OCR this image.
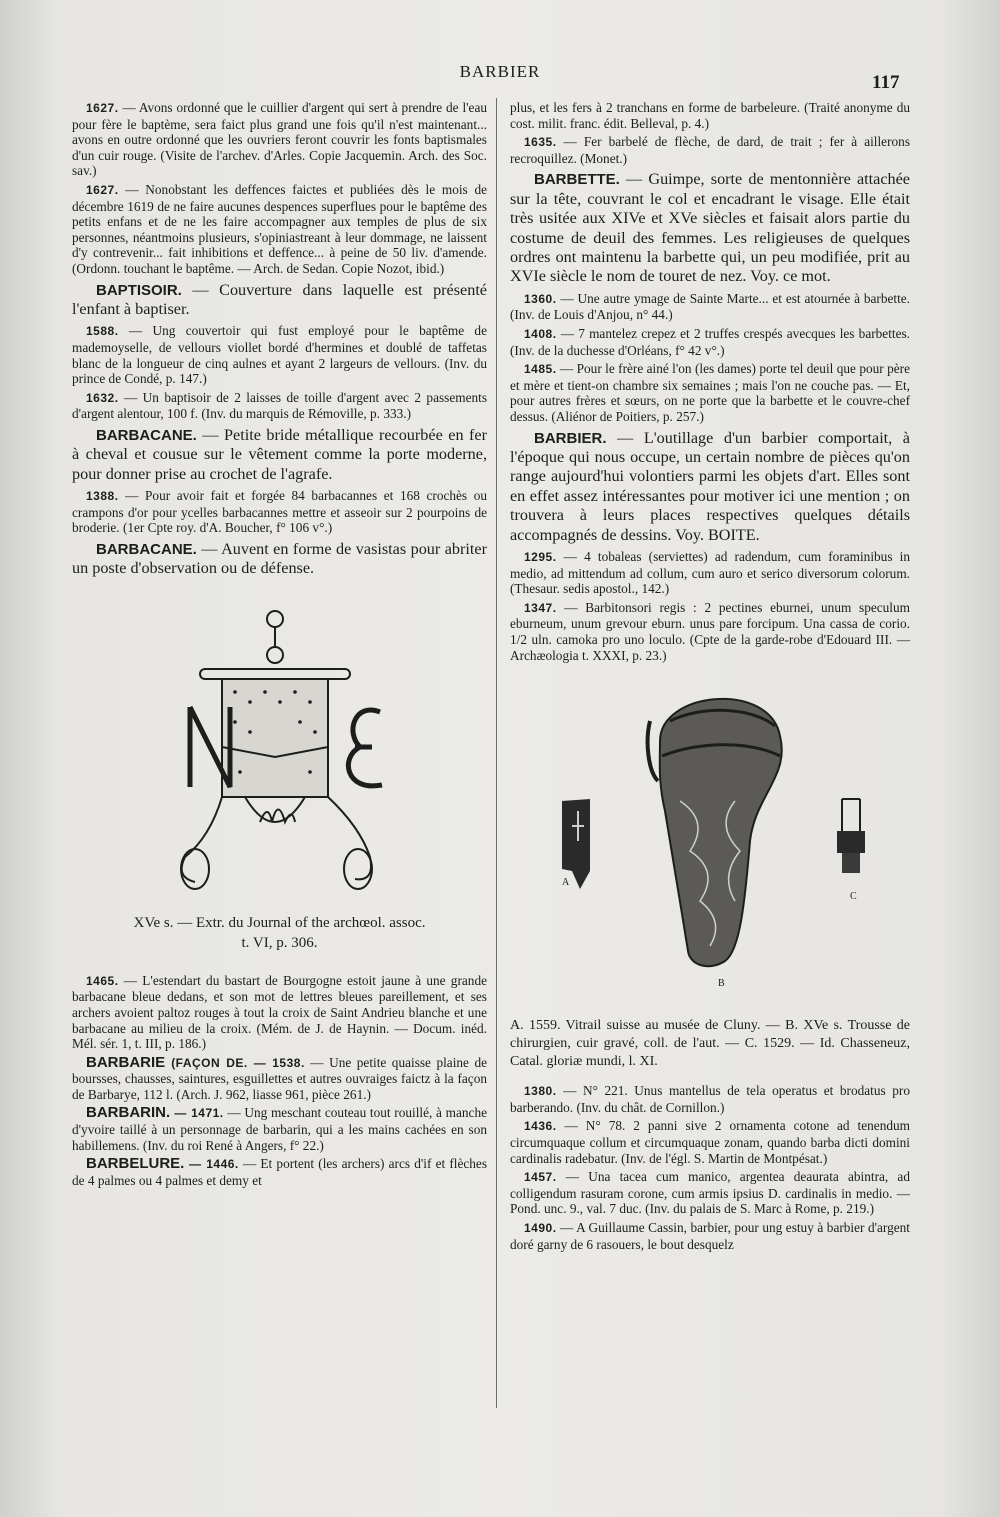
BARBIER
117

1627. — Avons ordonné que le cuillier d'argent qui sert à prendre de l'eau pour fère le baptème, sera faict plus grand une fois qu'il n'est maintenant... avons en outre ordonné que les ouvriers feront couvrir les fonts baptismales d'un cuir rouge. (Visite de l'archev. d'Arles. Copie Jacquemin. Arch. des Soc. sav.)

1627. — Nonobstant les deffences faictes et publiées dès le mois de décembre 1619 de ne faire aucunes despences superflues pour le baptême des petits enfans et de ne les faire accompagner aux temples de plus de six personnes, néantmoins plusieurs, s'opiniastreant à leur dommage, ne laissent d'y contrevenir... fait inhibitions et deffence... à peine de 50 liv. d'amende. (Ordonn. touchant le baptême. — Arch. de Sedan. Copie Nozot, ibid.)

BAPTISOIR. — Couverture dans laquelle est présenté l'enfant à baptiser.

1588. — Ung couvertoir qui fust employé pour le baptême de mademoyselle, de vellours viollet bordé d'hermines et doublé de taffetas blanc de la longueur de cinq aulnes et ayant 2 largeurs de vellours. (Inv. du prince de Condé, p. 147.)

1632. — Un baptisoir de 2 laisses de toille d'argent avec 2 passements d'argent alentour, 100 f. (Inv. du marquis de Rémoville, p. 333.)

BARBACANE. — Petite bride métallique recourbée en fer à cheval et cousue sur le vêtement comme la porte moderne, pour donner prise au crochet de l'agrafe.

1388. — Pour avoir fait et forgée 84 barbacannes et 168 crochès ou crampons d'or pour ycelles barbacannes mettre et asseoir sur 2 pourpoins de broderie. (1er Cpte roy. d'A. Boucher, f° 106 v°.)

BARBACANE. — Auvent en forme de vasistas pour abriter un poste d'observation ou de défense.

XVe s. — Extr. du Journal of the archœol. assoc.
t. VI, p. 306.

1465. — L'estendart du bastart de Bourgogne estoit jaune à une grande barbacane bleue dedans, et son mot de lettres bleues pareillement, et ses archers avoient paltoz rouges à tout la croix de Saint Andrieu blanche et une barbacane au milieu de la croix. (Mém. de J. de Haynin. — Docum. inéd. Mél. sér. 1, t. III, p. 186.)

BARBARIE (FAÇON DE. — 1538. — Une petite quaisse plaine de boursses, chausses, saintures, esguillettes et autres ouvraiges faictz à la façon de Barbarye, 112 l. (Arch. J. 962, liasse 961, pièce 261.)

BARBARIN. — 1471. — Ung meschant couteau tout rouillé, à manche d'yvoire taillé à un personnage de barbarin, qui a les mains cachées en son habillemens. (Inv. du roi René à Angers, f° 22.)

BARBELURE. — 1446. — Et portent (les archers) arcs d'if et flèches de 4 palmes ou 4 palmes et demy et

plus, et les fers à 2 tranchans en forme de barbeleure. (Traité anonyme du cost. milit. franc. édit. Belleval, p. 4.)

1635. — Fer barbelé de flèche, de dard, de trait ; fer à aillerons recroquillez. (Monet.)

BARBETTE. — Guimpe, sorte de mentonnière attachée sur la tête, couvrant le col et encadrant le visage. Elle était très usitée aux XIVe et XVe siècles et faisait alors partie du costume de deuil des femmes. Les religieuses de quelques ordres ont maintenu la barbette qui, un peu modifiée, prit au XVIe siècle le nom de touret de nez. Voy. ce mot.

1360. — Une autre ymage de Sainte Marte... et est atournée à barbette. (Inv. de Louis d'Anjou, n° 44.)

1408. — 7 mantelez crepez et 2 truffes crespés avecques les barbettes. (Inv. de la duchesse d'Orléans, f° 42 v°.)

1485. — Pour le frère ainé l'on (les dames) porte tel deuil que pour père et mère et tient-on chambre six semaines ; mais l'on ne couche pas. — Et, pour autres frères et sœurs, on ne porte que la barbette et le couvre-chef dessus. (Aliénor de Poitiers, p. 257.)

BARBIER. — L'outillage d'un barbier comportait, à l'époque qui nous occupe, un certain nombre de pièces qu'on range aujourd'hui volontiers parmi les objets d'art. Elles sont en effet assez intéressantes pour motiver ici une mention ; on trouvera à leurs places respectives quelques détails accompagnés de dessins. Voy. BOITE.

1295. — 4 tobaleas (serviettes) ad radendum, cum foraminibus in medio, ad mittendum ad collum, cum auro et serico diversorum colorum. (Thesaur. sedis apostol., 142.)

1347. — Barbitonsori regis : 2 pectines eburnei, unum speculum eburneum, unum grevour eburn. unus pare forcipum. Una cassa de corio. 1/2 uln. camoka pro uno loculo. (Cpte de la garde-robe d'Edouard III. — Archæologia t. XXXI, p. 23.)

A
B
C

A. 1559. Vitrail suisse au musée de Cluny. — B. XVe s. Trousse de chirurgien, cuir gravé, coll. de l'aut. — C. 1529. — Id. Chasseneuz, Catal. gloriæ mundi, l. XI.

1380. — N° 221. Unus mantellus de tela operatus et brodatus pro barberando. (Inv. du chât. de Cornillon.)

1436. — N° 78. 2 panni sive 2 ornamenta cotone ad tenendum circumquaque collum et circumquaque zonam, quando barba dicti domini cardinalis radebatur. (Inv. de l'égl. S. Martin de Montpésat.)

1457. — Una tacea cum manico, argentea deaurata abintra, ad colligendum rasuram corone, cum armis ipsius D. cardinalis in medio. — Pond. unc. 9., val. 7 duc. (Inv. du palais de S. Marc à Rome, p. 219.)

1490. — A Guillaume Cassin, barbier, pour ung estuy à barbier d'argent doré garny de 6 rasouers, le bout desquelz
